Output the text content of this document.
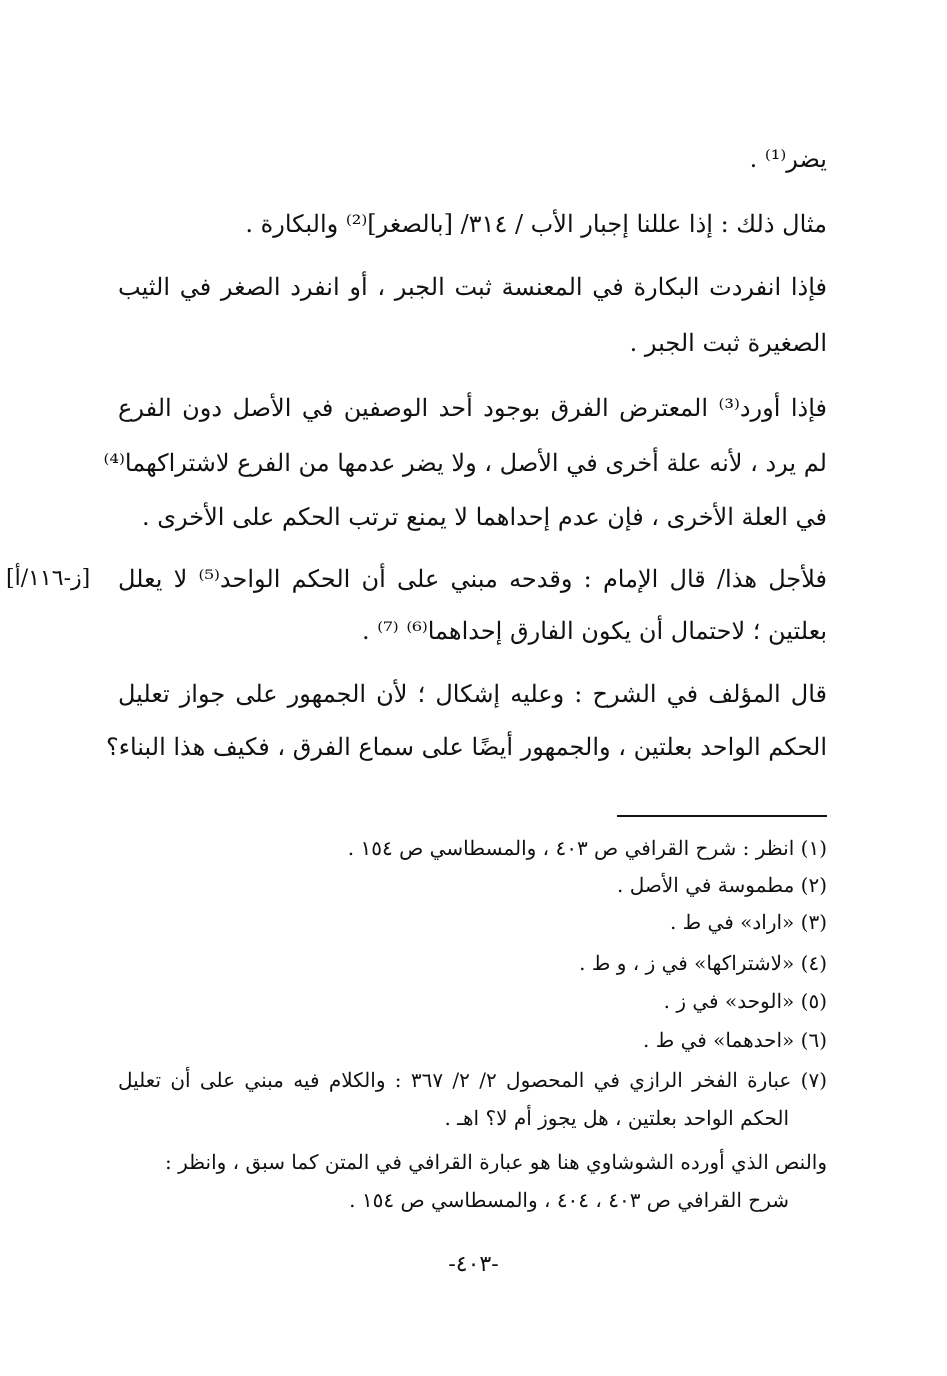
يضر⁽¹⁾ .
مثال ذلك : إذا عللنا إجبار الأب / ٣١٤/ [بالصغر]⁽²⁾ والبكارة .
فإذا انفردت البكارة في المعنسة ثبت الجبر ، أو انفرد الصغر في الثيب
الصغيرة ثبت الجبر .
فإذا أورد⁽³⁾ المعترض الفرق بوجود أحد الوصفين في الأصل دون الفرع
لم يرد ، لأنه علة أخرى في الأصل ، ولا يضر عدمها من الفرع لاشتراكهما⁽⁴⁾
في العلة الأخرى ، فإن عدم إحداهما لا يمنع ترتب الحكم على الأخرى .
فلأجل هذا/ قال الإمام : وقدحه مبني على أن الحكم الواحد⁽⁵⁾ لا يعلل
بعلتين ؛ لاحتمال أن يكون الفارق إحداهما⁽⁶⁾ ⁽⁷⁾ .
قال المؤلف في الشرح : وعليه إشكال ؛ لأن الجمهور على جواز تعليل
الحكم الواحد بعلتين ، والجمهور أيضًا على سماع الفرق ، فكيف هذا البناء؟
[ز-١١٦/أ]
(١) انظر : شرح القرافي ص ٤٠٣ ، والمسطاسي ص ١٥٤ .
(٢) مطموسة في الأصل .
(٣) «اراد» في ط .
(٤) «لاشتراكها» في ز ، و ط .
(٥) «الوحد» في ز .
(٦) «احدهما» في ط .
(٧) عبارة الفخر الرازي في المحصول ٢/ ٢/ ٣٦٧ : والكلام فيه مبني على أن تعليل
الحكم الواحد بعلتين ، هل يجوز أم لا؟ اهـ .
والنص الذي أورده الشوشاوي هنا هو عبارة القرافي في المتن كما سبق ، وانظر :
شرح القرافي ص ٤٠٣ ، ٤٠٤ ، والمسطاسي ص ١٥٤ .
-٤٠٣-
